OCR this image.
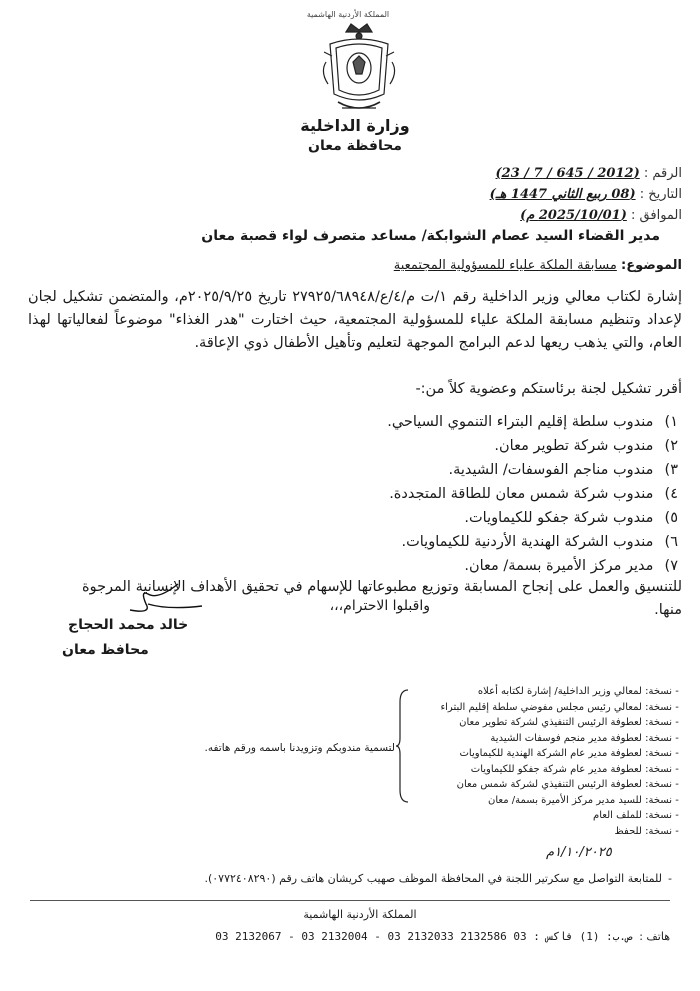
المملكة الأردنية الهاشمية
وزارة الداخلية
محافظة معان
الرقم : (2012 / 645 / 7 / 23)
التاريخ : (08 ربيع الثاني 1447 هـ)
الموافق : (2025/10/01 م)
مدير القضاء السيد عصام الشوابكة/ مساعد متصرف لواء قصبة معان
الموضوع: مسابقة الملكة علياء للمسؤولية المجتمعية
إشارة لكتاب معالي وزير الداخلية رقم ١/ت م/٤/ع/٢٧٩٢٥/٦٨٩٤٨ تاريخ ٢٠٢٥/٩/٢٥م، والمتضمن تشكيل لجان لإعداد وتنظيم مسابقة الملكة علياء للمسؤولية المجتمعية، حيث اختارت "هدر الغذاء" موضوعاً لفعالياتها لهذا العام، والتي يذهب ريعها لدعم البرامج الموجهة لتعليم وتأهيل الأطفال ذوي الإعاقة.
أقرر تشكيل لجنة برئاستكم وعضوية كلاً من:-
١) مندوب سلطة إقليم البتراء التنموي السياحي.
٢) مندوب شركة تطوير معان.
٣) مندوب مناجم الفوسفات/ الشيدية.
٤) مندوب شركة شمس معان للطاقة المتجددة.
٥) مندوب شركة جفكو للكيماويات.
٦) مندوب الشركة الهندية الأردنية للكيماويات.
٧) مدير مركز الأميرة بسمة/ معان.
للتنسيق والعمل على إنجاح المسابقة وتوزيع مطبوعاتها للإسهام في تحقيق الأهداف الإنسانية المرجوة منها.
واقبلوا الاحترام،،،
خالد محمد الحجاج
محافظ معان
-نسخة: لمعالي وزير الداخلية/ إشارة لكتابه أعلاه
-نسخة: لمعالي رئيس مجلس مفوضي سلطة إقليم البتراء
-نسخة: لعطوفة الرئيس التنفيذي لشركة تطوير معان
-نسخة: لعطوفة مدير منجم فوسفات الشيدية
-نسخة: لعطوفة مدير عام الشركة الهندية للكيماويات
-نسخة: لعطوفة مدير عام شركة جفكو للكيماويات
-نسخة: لعطوفة الرئيس التنفيذي لشركة شمس معان
-نسخة: للسيد مدير مركز الأميرة بسمة/ معان
-نسخة: للملف العام
-نسخة: للحفظ
لتسمية مندوبكم وتزويدنا باسمه ورقم هاتفه.
١/١٠/٢٠٢٥م
-للمتابعة التواصل مع سكرتير اللجنة في المحافظة الموظف صهيب كريشان هاتف رقم (٠٧٧٢٤٠٨٢٩٠).
المملكة الأردنية الهاشمية
هاتف : 03 2132067 - 03 2132004 - 03 2132033 ص.ب: (1) فاكس : 03 2132586
